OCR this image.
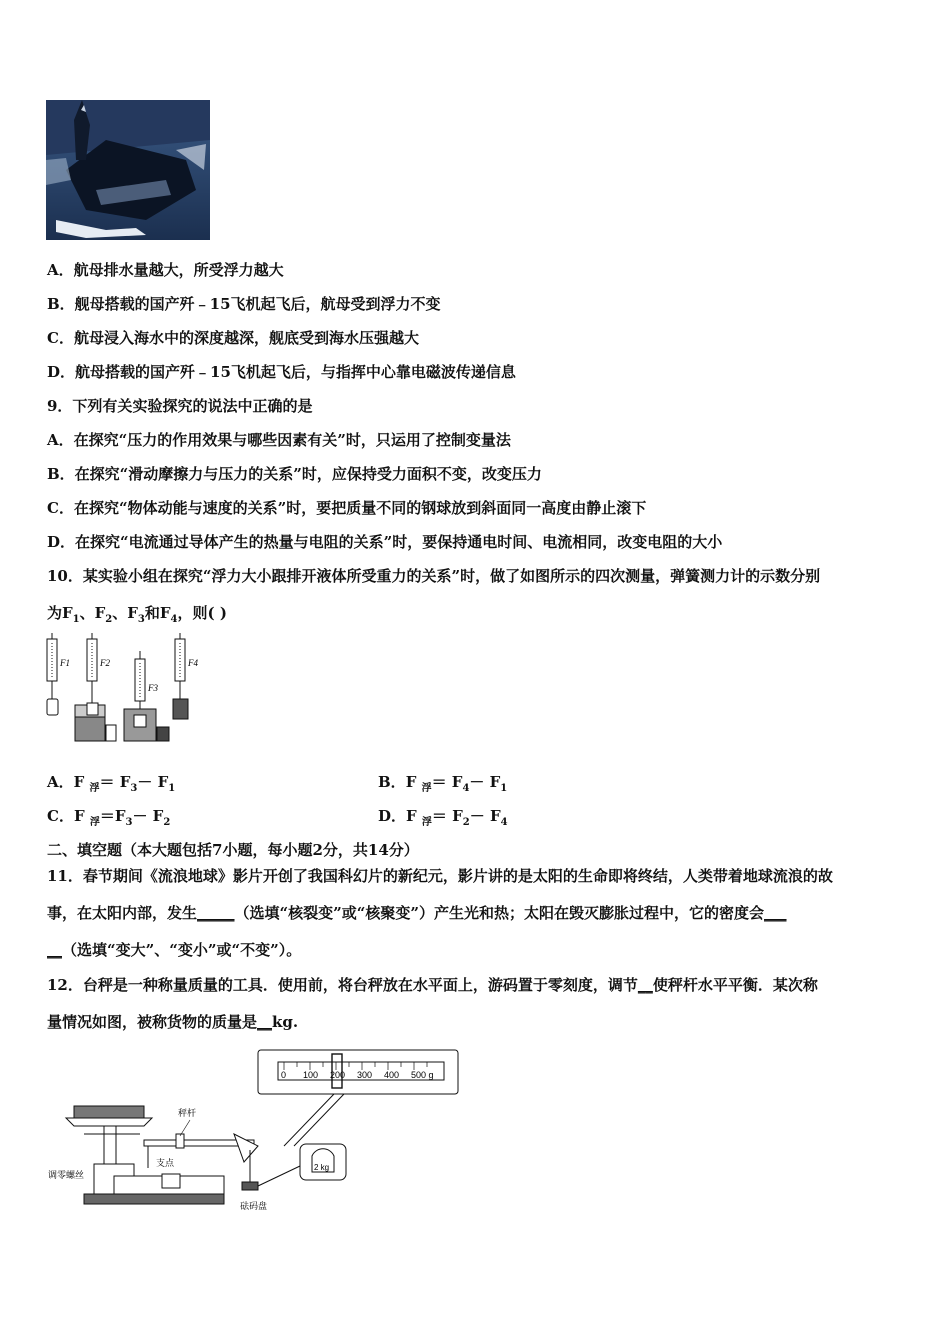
A．航母排水量越大，所受浮力越大
B．舰母搭载的国产歼﹣15飞机起飞后，航母受到浮力不变
C．航母浸入海水中的深度越深，舰底受到海水压强越大
D．航母搭载的国产歼﹣15飞机起飞后，与指挥中心靠电磁波传递信息
9．下列有关实验探究的说法中正确的是
A．在探究“压力的作用效果与哪些因素有关”时，只运用了控制变量法
B．在探究“滑动摩擦力与压力的关系”时，应保持受力面积不变，改变压力
C．在探究“物体动能与速度的关系”时，要把质量不同的钢球放到斜面同一高度由静止滚下
D．在探究“电流通过导体产生的热量与电阻的关系”时，要保持通电时间、电流相同，改变电阻的大小
10．某实验小组在探究“浮力大小跟排开液体所受重力的关系”时，做了如图所示的四次测量，弹簧测力计的示数分别
为$F_1$、$F_2$、$F_3$和$F_4$，则( )
F1	F2
F3
F4
A．F $_浮= F_3- F_1$	B．F $_浮= F_4- F_1$
C．F $_浮=F_3- F_2$	D．F $_浮= F_2- F_4$
二、填空题（本大题包括7小题，每小题2分，共14分）
11．春节期间《流浪地球》影片开创了我国科幻片的新纪元，影片讲的是太阳的生命即将终结，人类带着地球流浪的故
事，在太阳内部，发生_____（选填“核裂变”或“核聚变”）产生光和热；太阳在毁灭膨胀过程中，它的密度会___
__（选填“变大”、“变小”或“不变”）。
12．台秤是一种称量质量的工具．使用前，将台秤放在水平面上，游码置于零刻度，调节__使秤杆水平平衡．某次称
量情况如图，被称货物的质量是__kg.
0 100 200 300 400 500 g
2 kg
秤杆
支点
调零螺丝
砝码盘
